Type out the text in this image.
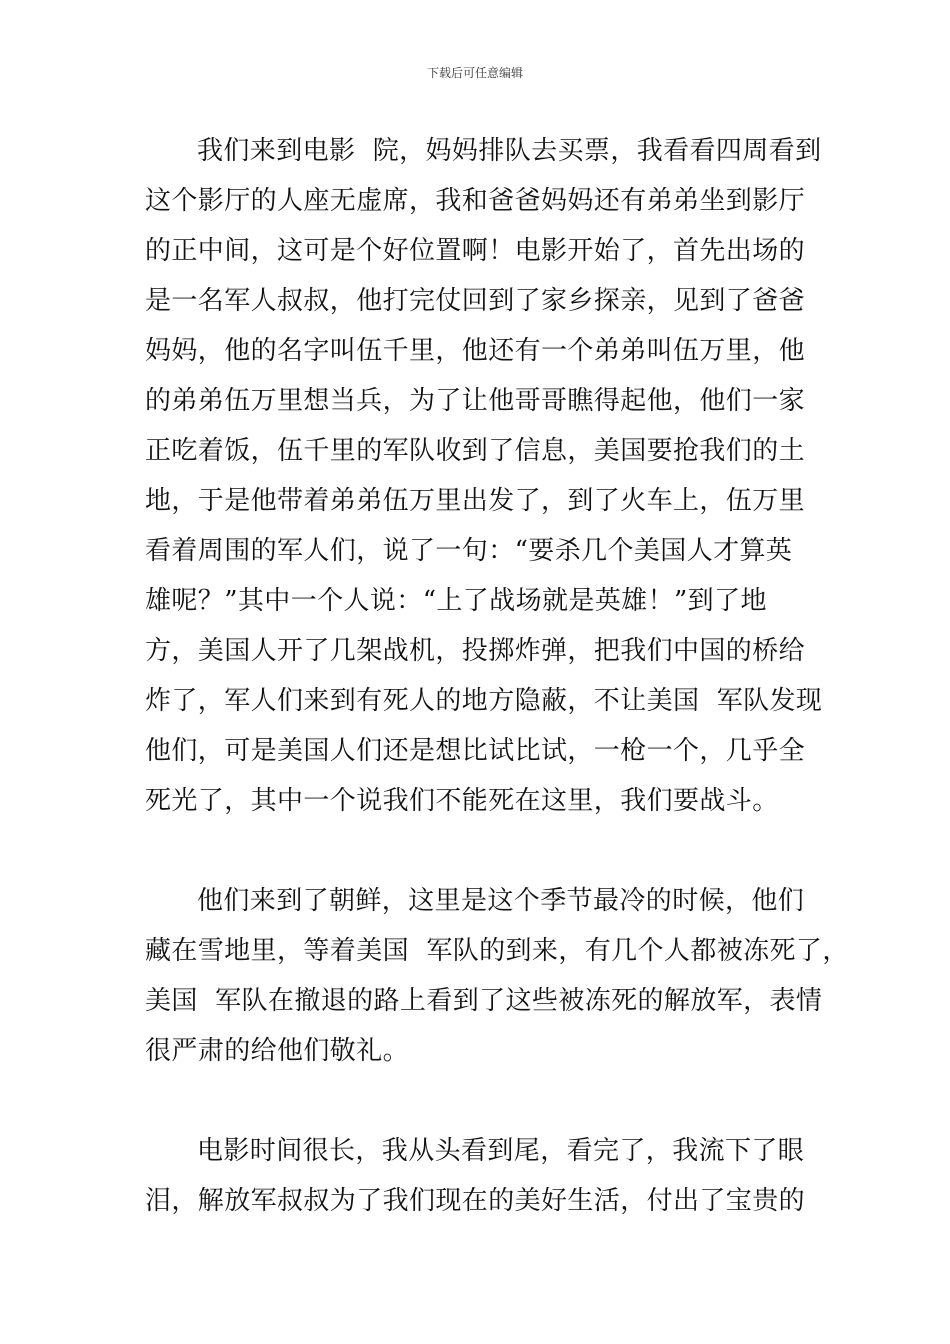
下载后可任意编辑
我们来到电影  院，妈妈排队去买票，我看看四周看到
这个影厅的人座无虚席，我和爸爸妈妈还有弟弟坐到影厅
的正中间，这可是个好位置啊！电影开始了，首先出场的
是一名军人叔叔，他打完仗回到了家乡探亲，见到了爸爸
妈妈，他的名字叫伍千里，他还有一个弟弟叫伍万里，他
的弟弟伍万里想当兵，为了让他哥哥瞧得起他，他们一家
正吃着饭，伍千里的军队收到了信息，美国要抢我们的土
地，于是他带着弟弟伍万里出发了，到了火车上，伍万里
看着周围的军人们，说了一句：“要杀几个美国人才算英
雄呢？”其中一个人说：“上了战场就是英雄！”到了地
方，美国人开了几架战机，投掷炸弹，把我们中国的桥给
炸了，军人们来到有死人的地方隐蔽，不让美国  军队发现
他们，可是美国人们还是想比试比试，一枪一个，几乎全
死光了，其中一个说我们不能死在这里，我们要战斗。
他们来到了朝鲜，这里是这个季节最冷的时候，他们
藏在雪地里，等着美国  军队的到来，有几个人都被冻死了，
美国  军队在撤退的路上看到了这些被冻死的解放军，表情
很严肃的给他们敬礼。
电影时间很长，我从头看到尾，看完了，我流下了眼
泪，解放军叔叔为了我们现在的美好生活，付出了宝贵的
